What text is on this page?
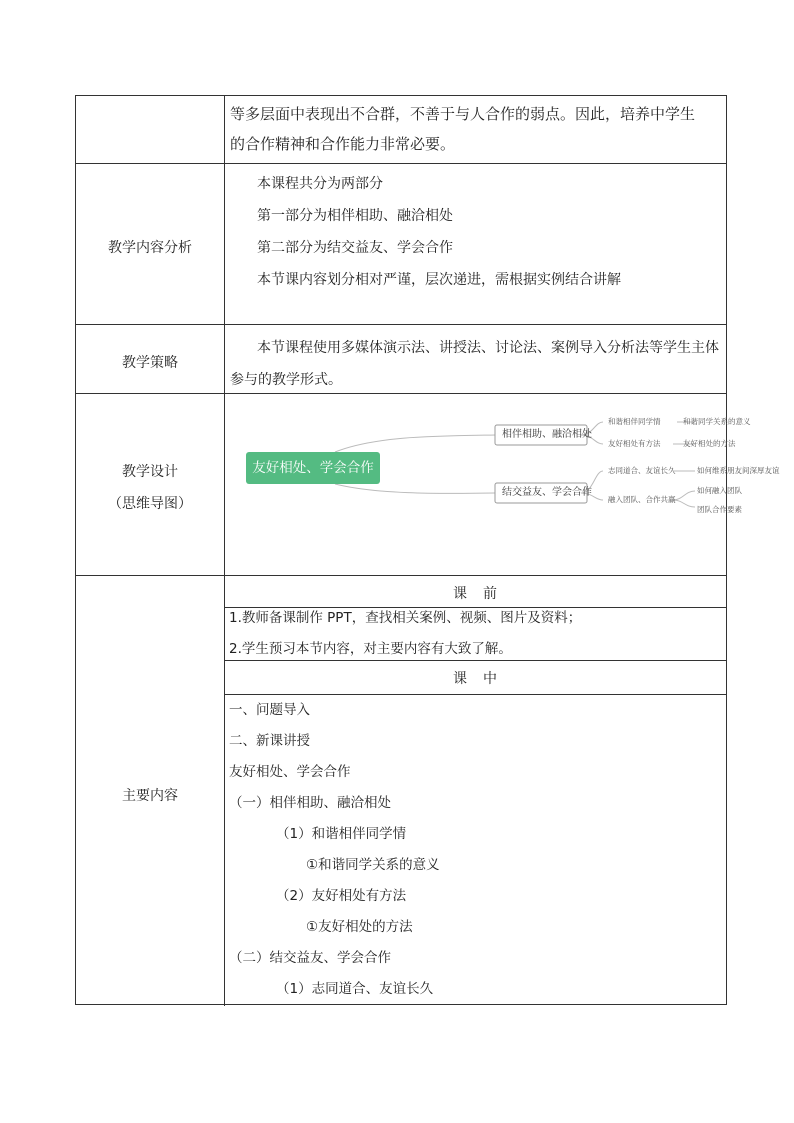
等多层面中表现出不合群，不善于与人合作的弱点。因此，培养中学生
的合作精神和合作能力非常必要。
教学内容分析
本课程共分为两部分
第一部分为相伴相助、融洽相处
第二部分为结交益友、学会合作
本节课内容划分相对严谨，层次递进，需根据实例结合讲解
教学策略
本节课程使用多媒体演示法、讲授法、讨论法、案例导入分析法等学生主体
参与的教学形式。
教学设计
（思维导图）
友好相处、学会合作
相伴相助、融洽相处
结交益友、学会合作
和谐相伴同学情	和谐同学关系的意义
友好相处有方法	友好相处的方法
志同道合、友谊长久	如何维系朋友间深厚友谊
融入团队、合作共赢
如何融入团队
团队合作要素
主要内容
课　前
1.教师备课制作 PPT，查找相关案例、视频、图片及资料；
2.学生预习本节内容，对主要内容有大致了解。
课　中
一、问题导入
二、新课讲授
友好相处、学会合作
（一）相伴相助、融洽相处
（1）和谐相伴同学情
①和谐同学关系的意义
（2）友好相处有方法
①友好相处的方法
（二）结交益友、学会合作
（1）志同道合、友谊长久
